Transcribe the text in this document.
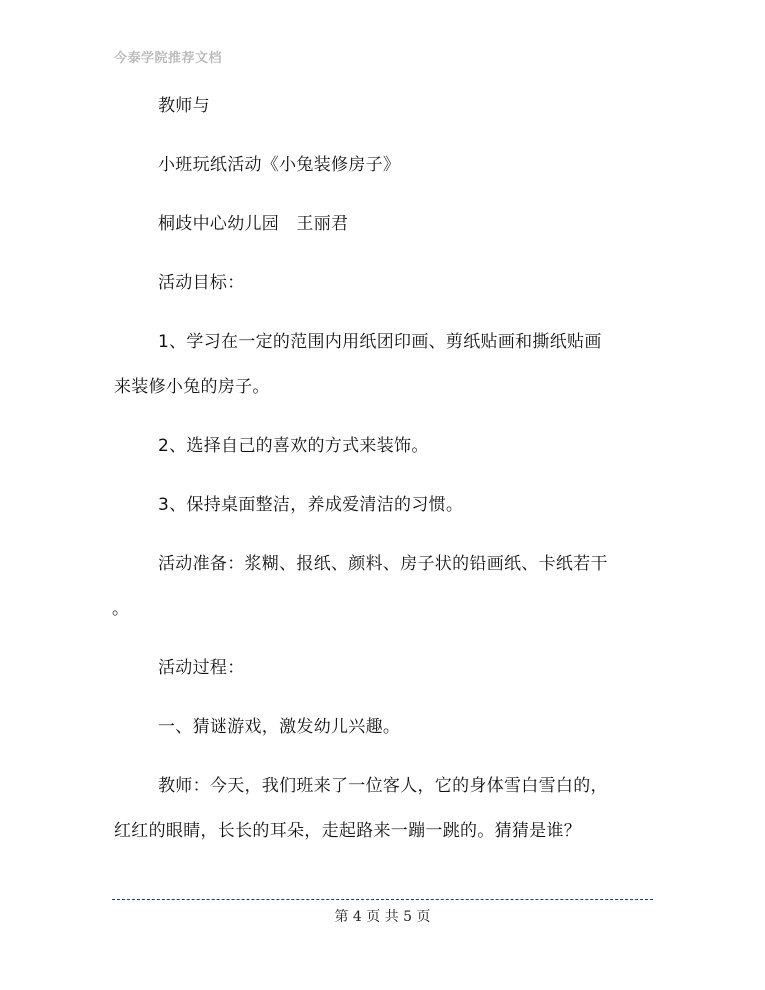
今泰学院推荐文档
教师与
小班玩纸活动《小兔装修房子》
桐歧中心幼儿园　王丽君
活动目标：
1、学习在一定的范围内用纸团印画、剪纸贴画和撕纸贴画
来装修小兔的房子。
2、选择自己的喜欢的方式来装饰。
3、保持桌面整洁，养成爱清洁的习惯。
活动准备：浆糊、报纸、颜料、房子状的铅画纸、卡纸若干
。
活动过程：
一、猜谜游戏，激发幼儿兴趣。
教师：今天，我们班来了一位客人，它的身体雪白雪白的，
红红的眼睛，长长的耳朵，走起路来一蹦一跳的。猜猜是谁？
第 4 页 共 5 页
